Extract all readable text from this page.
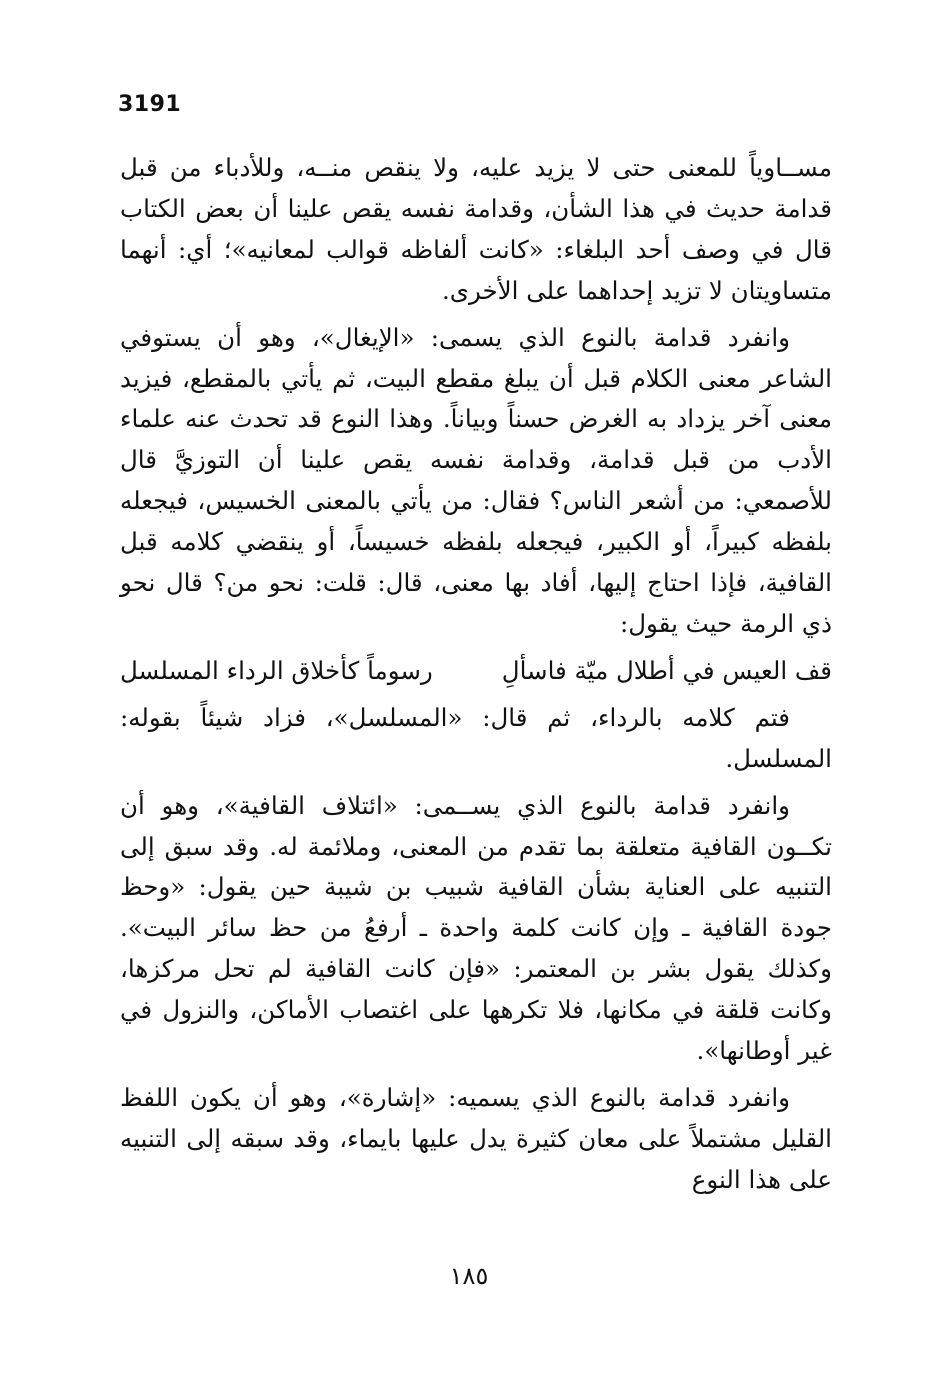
3191

مســاوياً للمعنى حتى لا يزيد عليه، ولا ينقص منــه، وللأدباء من قبل قدامة حديث في هذا الشأن، وقدامة نفسه يقص علينا أن بعض الكتاب قال في وصف أحد البلغاء: «كانت ألفاظه قوالب لمعانيه»؛ أي: أنهما متساويتان لا تزيد إحداهما على الأخرى.

وانفرد قدامة بالنوع الذي يسمى: «الإيغال»، وهو أن يستوفي الشاعر معنى الكلام قبل أن يبلغ مقطع البيت، ثم يأتي بالمقطع، فيزيد معنى آخر يزداد به الغرض حسناً وبياناً. وهذا النوع قد تحدث عنه علماء الأدب من قبل قدامة، وقدامة نفسه يقص علينا أن التوزيَّ قال للأصمعي: من أشعر الناس؟ فقال: من يأتي بالمعنى الخسيس، فيجعله بلفظه كبيراً، أو الكبير، فيجعله بلفظه خسيساً، أو ينقضي كلامه قبل القافية، فإذا احتاج إليها، أفاد بها معنى، قال: قلت: نحو من؟ قال نحو ذي الرمة حيث يقول:

قف العيس في أطلال ميّة فاسألِ
رسوماً كأخلاق الرداء المسلسل

فتم كلامه بالرداء، ثم قال: «المسلسل»، فزاد شيئاً بقوله: المسلسل.

وانفرد قدامة بالنوع الذي يســمى: «ائتلاف القافية»، وهو أن تكــون القافية متعلقة بما تقدم من المعنى، وملائمة له. وقد سبق إلى التنبيه على العناية بشأن القافية شبيب بن شيبة حين يقول: «وحظ جودة القافية ـ وإن كانت كلمة واحدة ـ أرفعُ من حظ سائر البيت». وكذلك يقول بشر بن المعتمر: «فإن كانت القافية لم تحل مركزها، وكانت قلقة في مكانها، فلا تكرهها على اغتصاب الأماكن، والنزول في غير أوطانها».

وانفرد قدامة بالنوع الذي يسميه: «إشارة»، وهو أن يكون اللفظ القليل مشتملاً على معان كثيرة يدل عليها بايماء، وقد سبقه إلى التنبيه على هذا النوع

١٨٥
